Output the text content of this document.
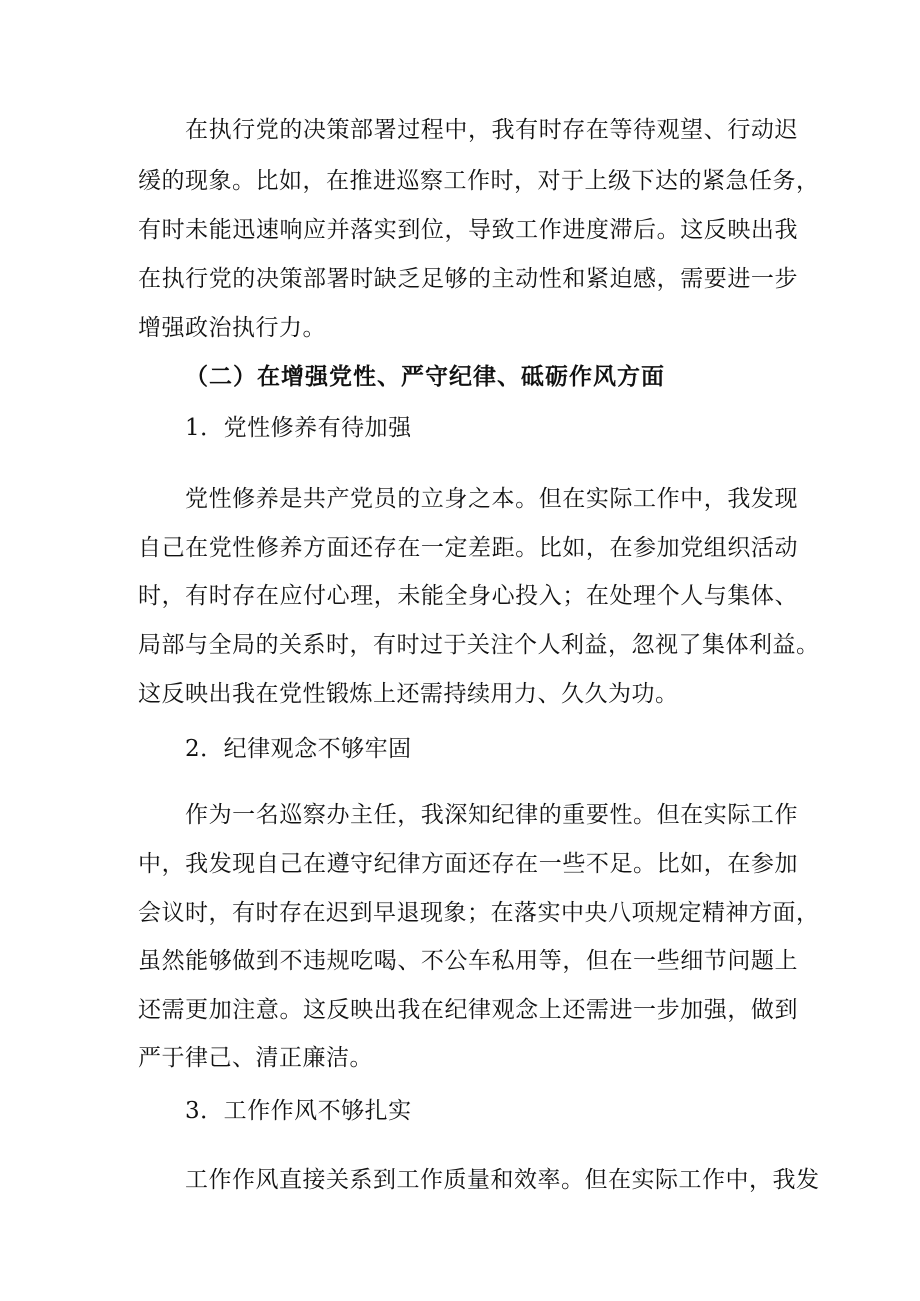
在执行党的决策部署过程中，我有时存在等待观望、行动迟
缓的现象。比如，在推进巡察工作时，对于上级下达的紧急任务，
有时未能迅速响应并落实到位，导致工作进度滞后。这反映出我
在执行党的决策部署时缺乏足够的主动性和紧迫感，需要进一步
增强政治执行力。
（二）在增强党性、严守纪律、砥砺作风方面
1．党性修养有待加强
党性修养是共产党员的立身之本。但在实际工作中，我发现
自己在党性修养方面还存在一定差距。比如，在参加党组织活动
时，有时存在应付心理，未能全身心投入；在处理个人与集体、
局部与全局的关系时，有时过于关注个人利益，忽视了集体利益。
这反映出我在党性锻炼上还需持续用力、久久为功。
2．纪律观念不够牢固
作为一名巡察办主任，我深知纪律的重要性。但在实际工作
中，我发现自己在遵守纪律方面还存在一些不足。比如，在参加
会议时，有时存在迟到早退现象；在落实中央八项规定精神方面，
虽然能够做到不违规吃喝、不公车私用等，但在一些细节问题上
还需更加注意。这反映出我在纪律观念上还需进一步加强，做到
严于律己、清正廉洁。
3．工作作风不够扎实
工作作风直接关系到工作质量和效率。但在实际工作中，我发
